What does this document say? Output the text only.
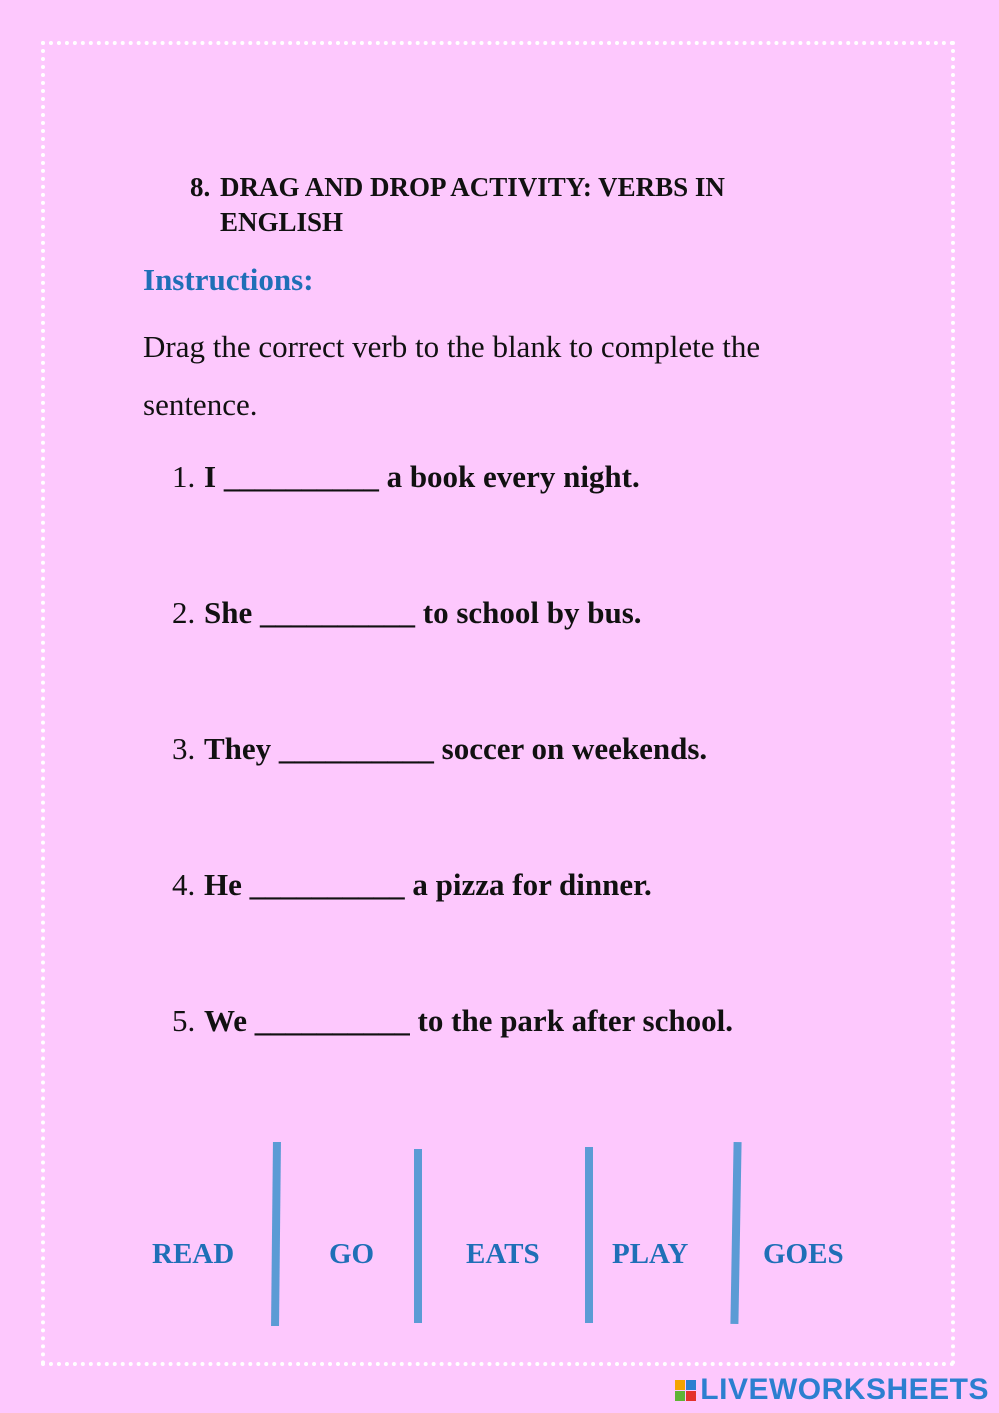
8. DRAG AND DROP ACTIVITY: VERBS IN
ENGLISH
Instructions:

Drag the correct verb to the blank to complete the sentence.

1. I __________ a book every night.

2. She __________ to school by bus.

3. They __________ soccer on weekends.

4. He __________ a pizza for dinner.

5. We __________ to the park after school.

READ	GO	EATS PLAY	GOES
LIVEWORKSHEETS
